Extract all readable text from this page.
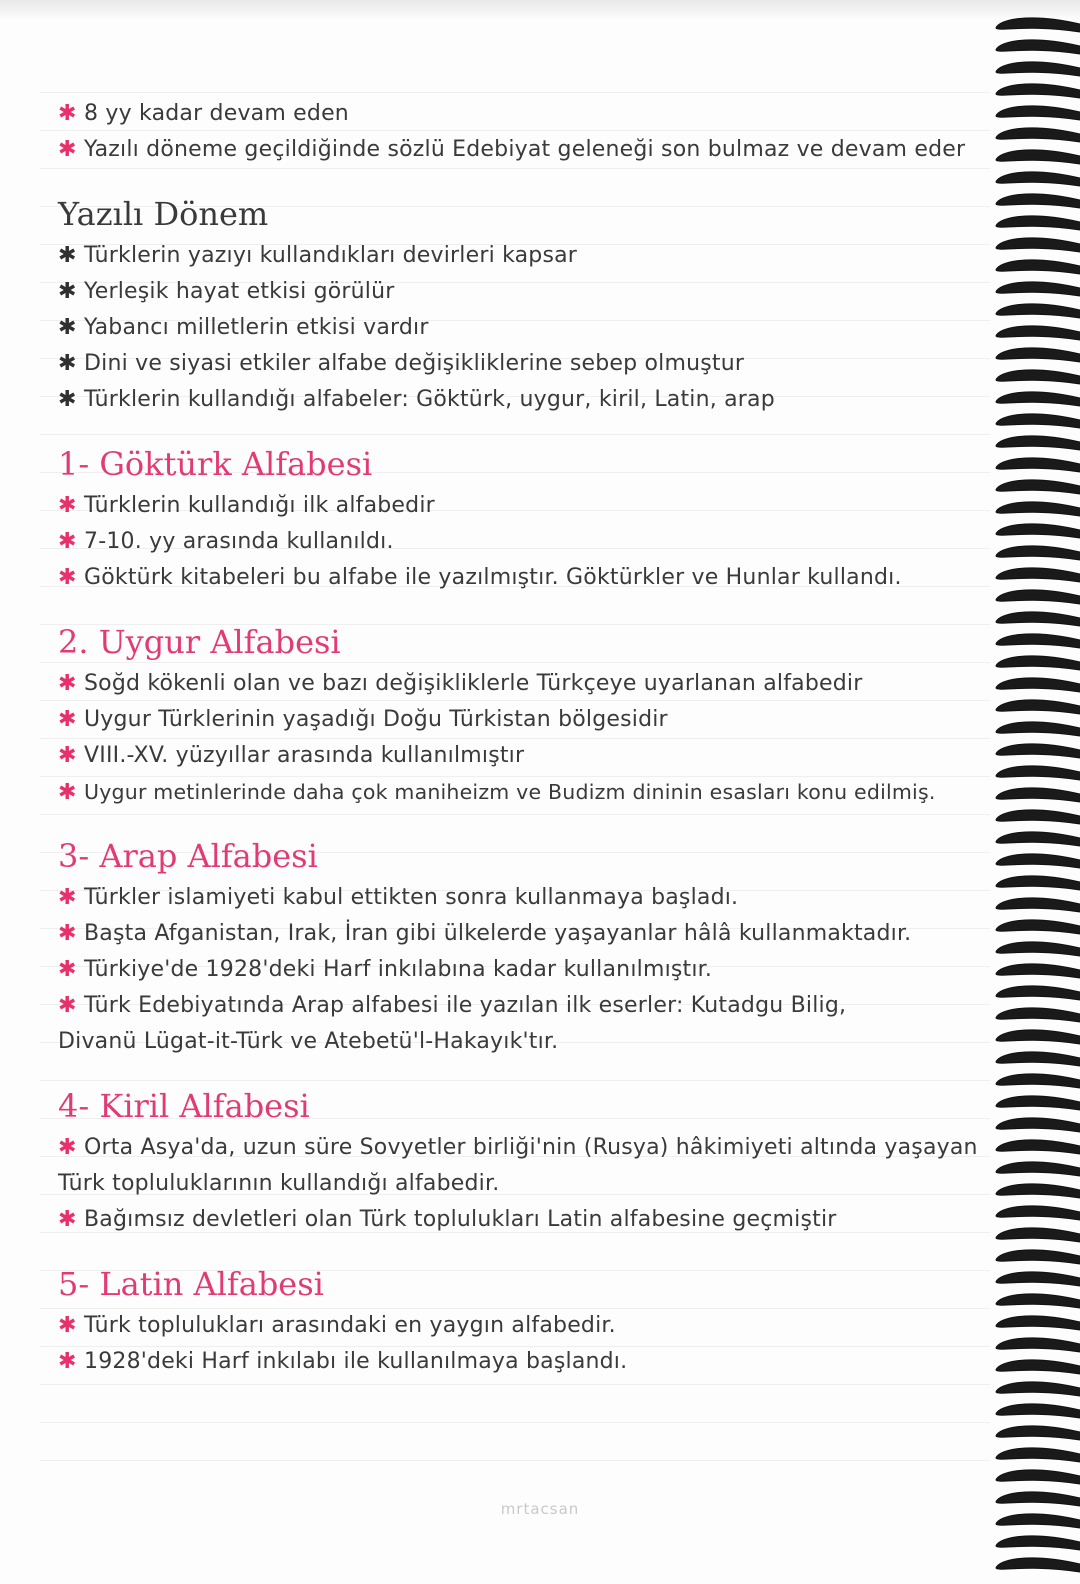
✱ 8 yy kadar devam eden
✱ Yazılı döneme geçildiğinde sözlü Edebiyat geleneği son bulmaz ve devam eder
Yazılı Dönem
✱ Türklerin yazıyı kullandıkları devirleri kapsar
✱ Yerleşik hayat etkisi görülür
✱ Yabancı milletlerin etkisi vardır
✱ Dini ve siyasi etkiler alfabe değişikliklerine sebep olmuştur
✱ Türklerin kullandığı alfabeler: Göktürk, uygur, kiril, Latin, arap
1- Göktürk Alfabesi
✱ Türklerin kullandığı ilk alfabedir
✱ 7-10. yy arasında kullanıldı.
✱ Göktürk kitabeleri bu alfabe ile yazılmıştır. Göktürkler ve Hunlar kullandı.
2. Uygur Alfabesi
✱ Soğd kökenli olan ve bazı değişikliklerle Türkçeye uyarlanan alfabedir
✱ Uygur Türklerinin yaşadığı Doğu Türkistan bölgesidir
✱ VIII.-XV. yüzyıllar arasında kullanılmıştır
✱ Uygur metinlerinde daha çok maniheizm ve Budizm dininin esasları konu edilmiş.
3- Arap Alfabesi
✱ Türkler islamiyeti kabul ettikten sonra kullanmaya başladı.
✱ Başta Afganistan, Irak, İran gibi ülkelerde yaşayanlar hâlâ kullanmaktadır.
✱ Türkiye'de 1928'deki Harf inkılabına kadar kullanılmıştır.
✱ Türk Edebiyatında Arap alfabesi ile yazılan ilk eserler: Kutadgu Bilig,
Divanü Lügat-it-Türk ve Atebetü'l-Hakayık'tır.
4- Kiril Alfabesi
✱ Orta Asya'da, uzun süre Sovyetler birliği'nin (Rusya) hâkimiyeti altında yaşayan Türk topluluklarının kullandığı alfabedir.
✱ Bağımsız devletleri olan Türk toplulukları Latin alfabesine geçmiştir
5- Latin Alfabesi
✱ Türk toplulukları arasındaki en yaygın alfabedir.
✱ 1928'deki Harf inkılabı ile kullanılmaya başlandı.
mrtacsan
